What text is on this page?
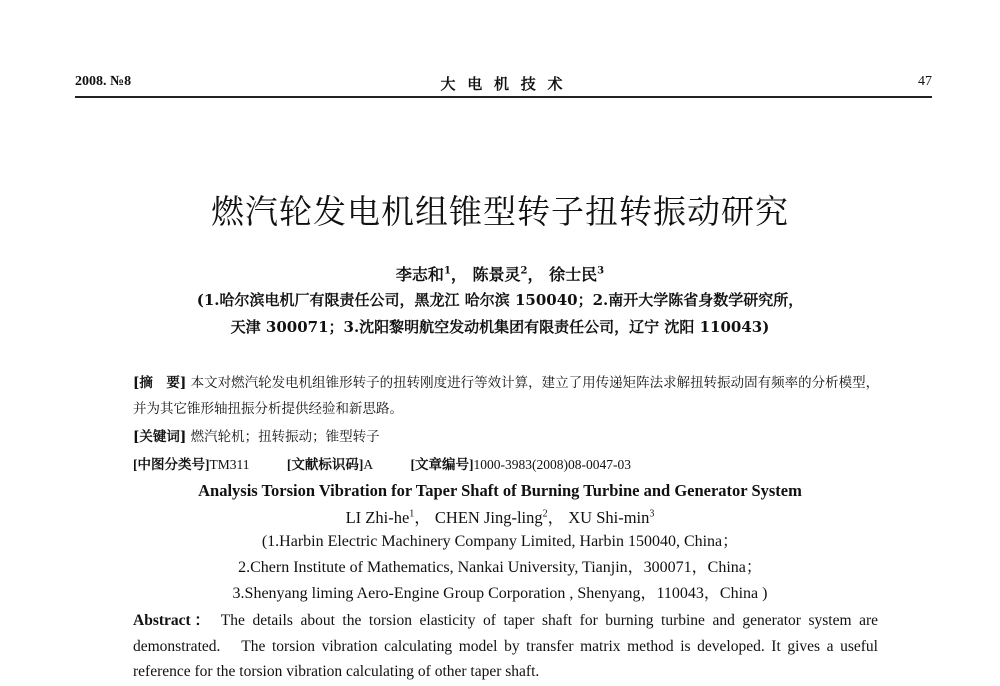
2008. №8	大 电 机 技 术	47
燃汽轮发电机组锥型转子扭转振动研究
李志和$^1$， 陈景灵$^2$， 徐士民$^3$
(1.哈尔滨电机厂有限责任公司，黑龙江 哈尔滨 150040；2.南开大学陈省身数学研究所，
天津 300071；3.沈阳黎明航空发动机集团有限责任公司，辽宁 沈阳 110043)
[摘　要] 本文对燃汽轮发电机组锥形转子的扭转刚度进行等效计算，建立了用传递矩阵法求解扭转振动固有频率的分析模型，　并为其它锥形轴扭振分析提供经验和新思路。
[关键词] 燃汽轮机；扭转振动；锥型转子
[中图分类号]TM311	[文献标识码]A	[文章编号]1000-3983(2008)08-0047-03
Analysis Torsion Vibration for Taper Shaft of Burning Turbine and Generator System
LI Zhi-$he^1$， CHEN Jing-ling$^2$， XU Shi-$\min^3$
(1.Harbin Electric Machinery Company Limited, Harbin 150040, China；
2.Chern Institute of Mathematics, Nankai University, Tianjin，300071，China；
3.Shenyang liming Aero-Engine Group Corporation , Shenyang，110043，China )
Abstract： The details about the torsion elasticity of taper shaft for burning turbine and generator system are demonstrated.　The torsion vibration calculating model by transfer matrix method is developed. It gives a useful reference for the torsion vibration calculating of other taper shaft.
